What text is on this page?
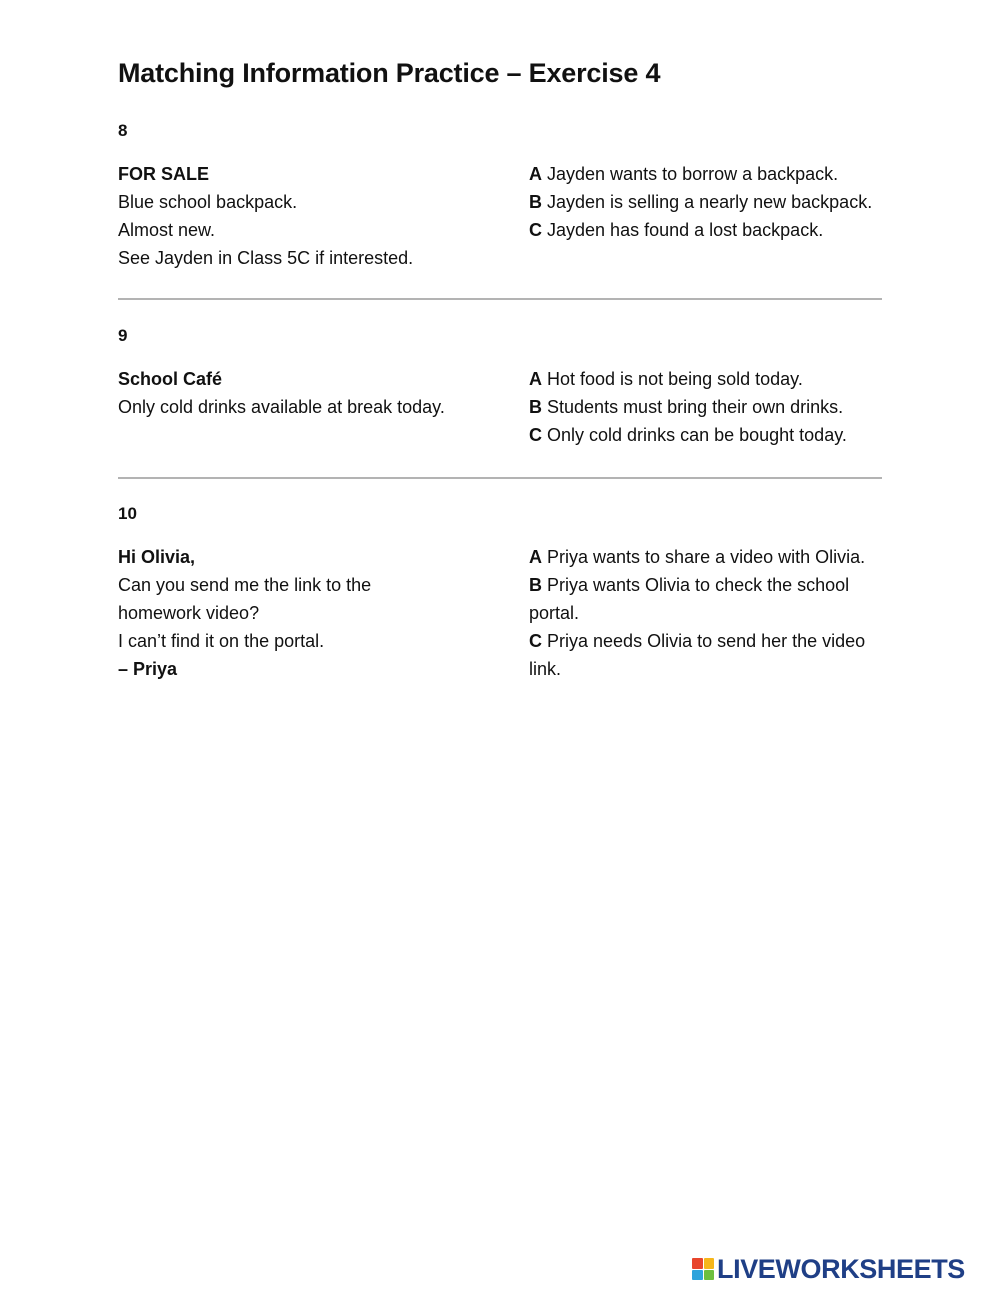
Matching Information Practice – Exercise 4
8
FOR SALE
Blue school backpack.
Almost new.
See Jayden in Class 5C if interested.
A Jayden wants to borrow a backpack.
B Jayden is selling a nearly new backpack.
C Jayden has found a lost backpack.
9
School Café
Only cold drinks available at break today.
A Hot food is not being sold today.
B Students must bring their own drinks.
C Only cold drinks can be bought today.
10
Hi Olivia,
Can you send me the link to the homework video?
I can’t find it on the portal.
– Priya
A Priya wants to share a video with Olivia.
B Priya wants Olivia to check the school portal.
C Priya needs Olivia to send her the video link.
LIVEWORKSHEETS
